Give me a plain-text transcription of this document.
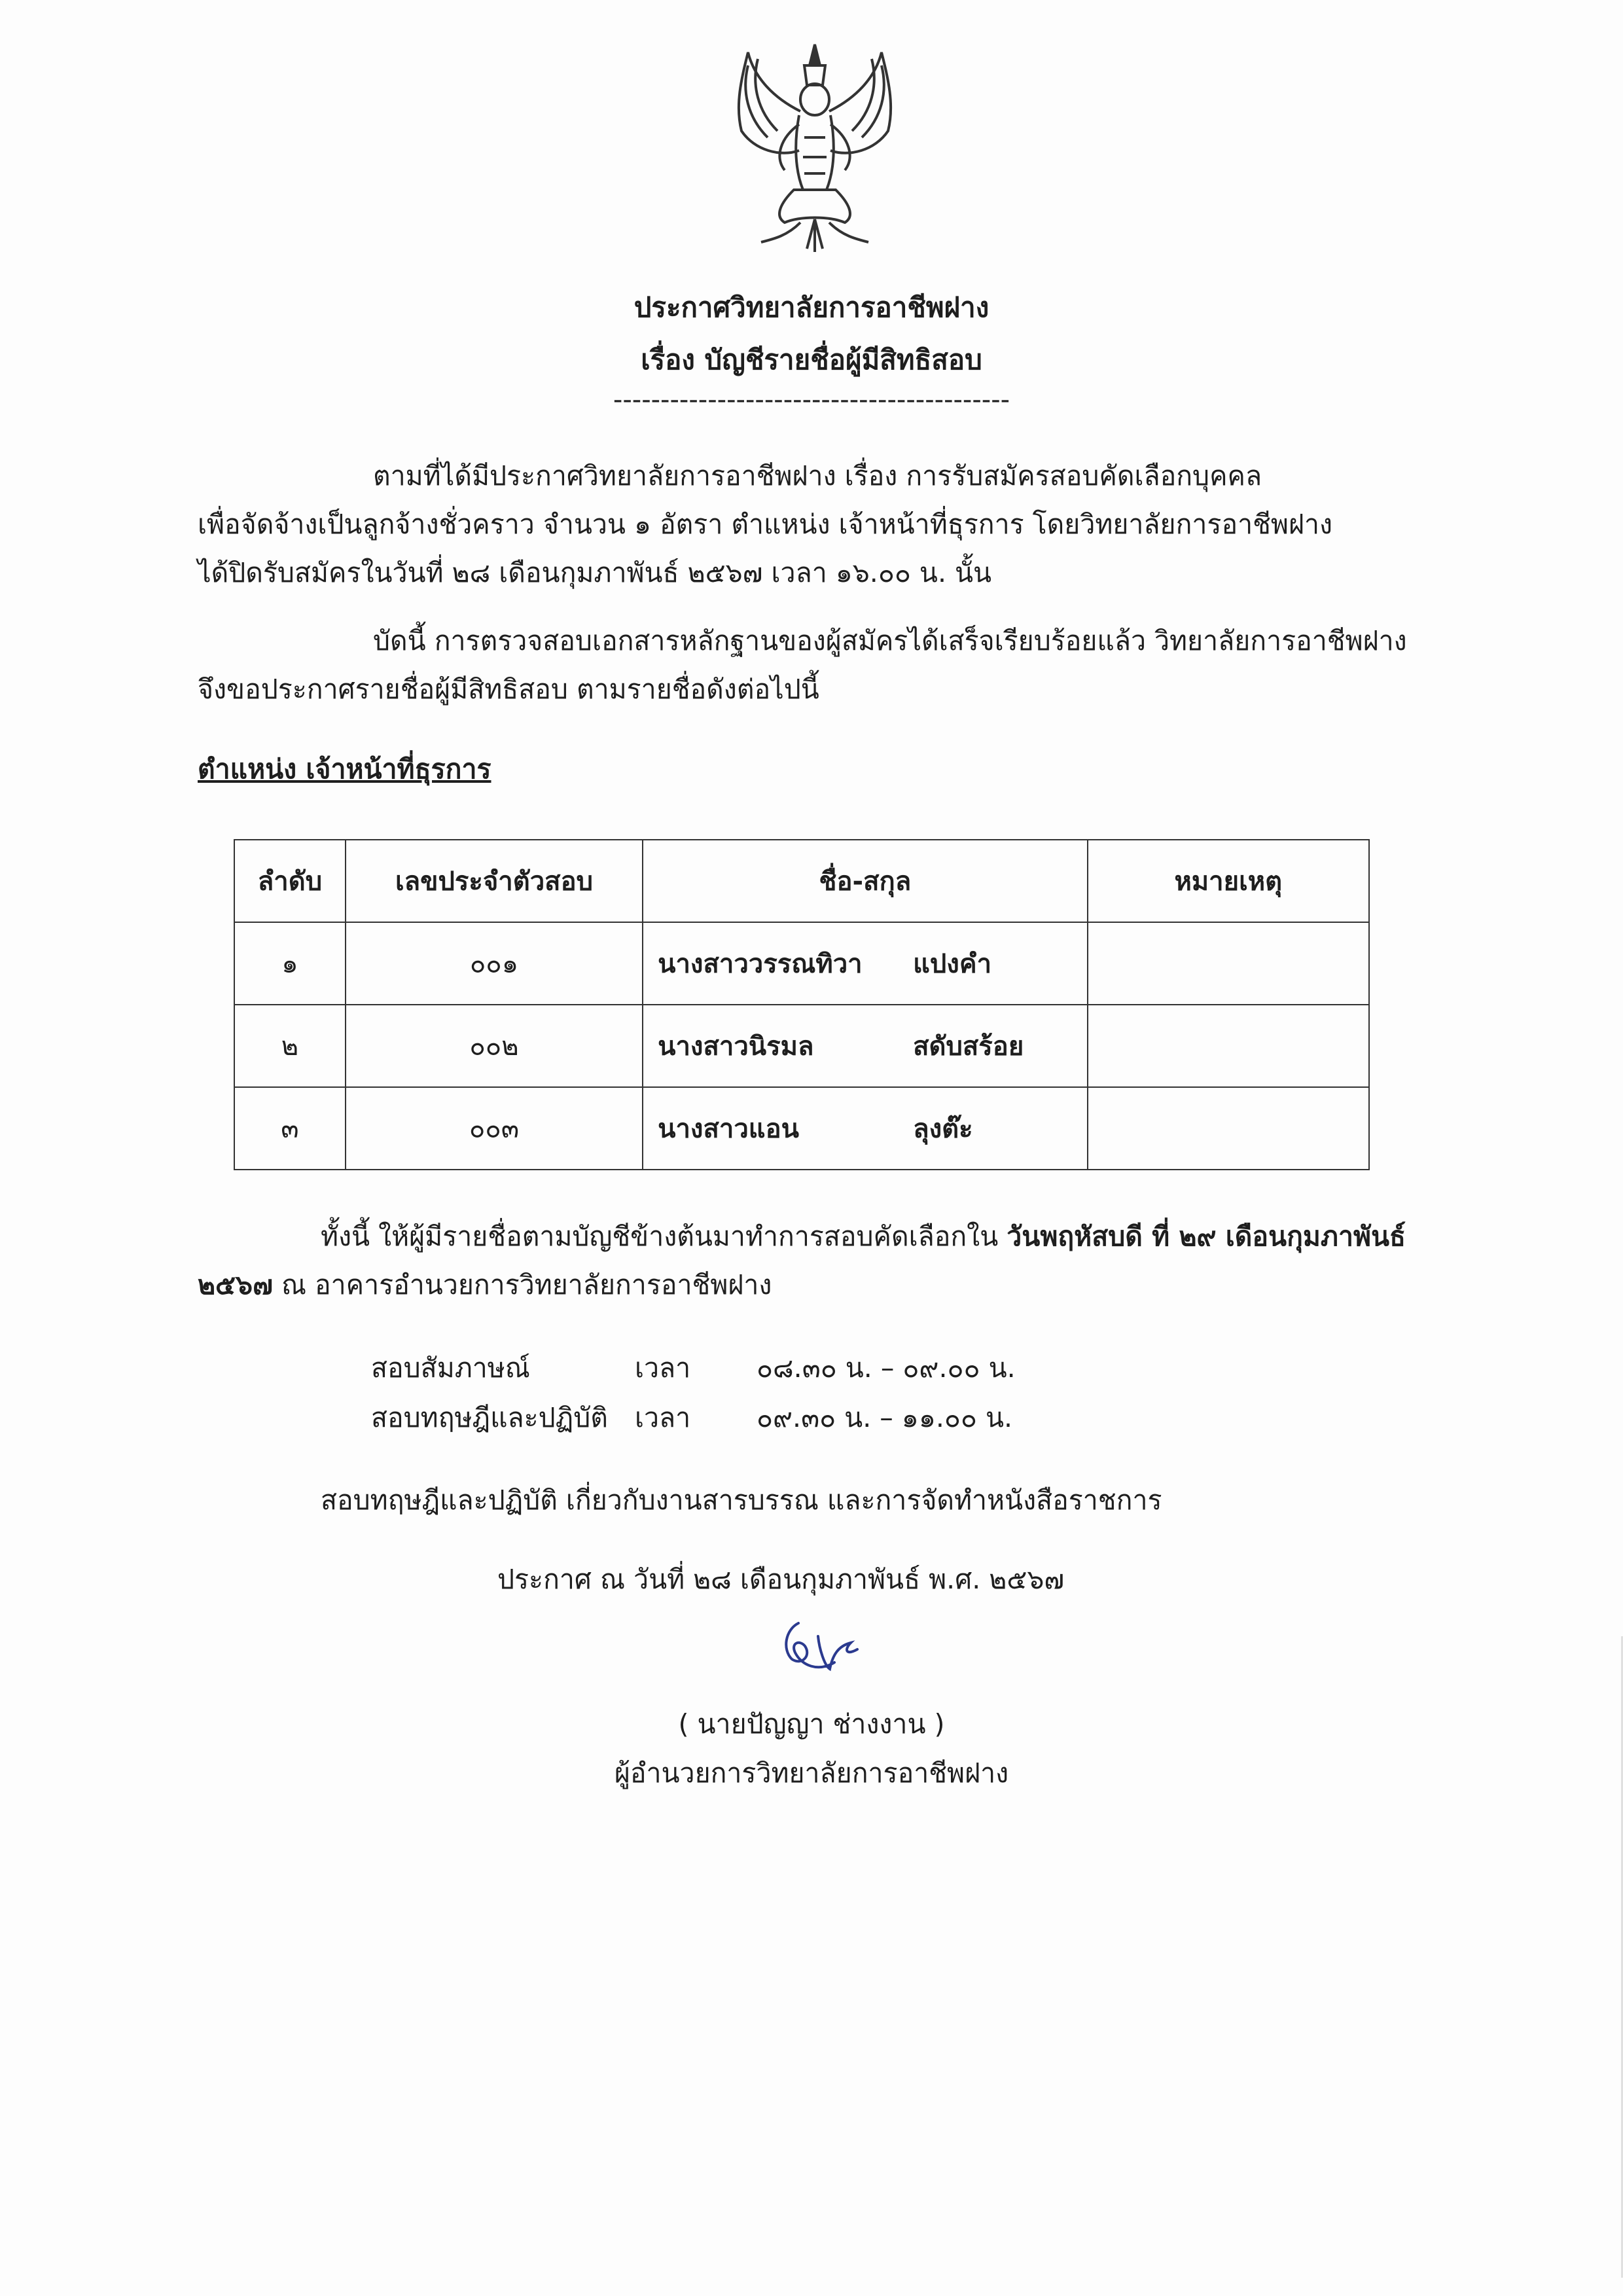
ประกาศวิทยาลัยการอาชีพฝาง
เรื่อง บัญชีรายชื่อผู้มีสิทธิสอบ
------------------------------------------
ตามที่ได้มีประกาศวิทยาลัยการอาชีพฝาง เรื่อง การรับสมัครสอบคัดเลือกบุคคล
เพื่อจัดจ้างเป็นลูกจ้างชั่วคราว จำนวน ๑ อัตรา ตำแหน่ง เจ้าหน้าที่ธุรการ โดยวิทยาลัยการอาชีพฝาง
ได้ปิดรับสมัครในวันที่ ๒๘ เดือนกุมภาพันธ์ ๒๕๖๗ เวลา ๑๖.๐๐ น. นั้น
บัดนี้ การตรวจสอบเอกสารหลักฐานของผู้สมัครได้เสร็จเรียบร้อยแล้ว วิทยาลัยการอาชีพฝาง
จึงขอประกาศรายชื่อผู้มีสิทธิสอบ ตามรายชื่อดังต่อไปนี้
ตำแหน่ง เจ้าหน้าที่ธุรการ
ลำดับ	เลขประจำตัวสอบ	ชื่อ-สกุล	หมายเหตุ
๑	๐๐๑	นางสาววรรณทิวา แปงคำ	
๒	๐๐๒	นางสาวนิรมล สดับสร้อย	
๓	๐๐๓	นางสาวแอน ลุงต๊ะ	
ทั้งนี้ ให้ผู้มีรายชื่อตามบัญชีข้างต้นมาทำการสอบคัดเลือกใน วันพฤหัสบดี ที่ ๒๙ เดือนกุมภาพันธ์
๒๕๖๗ ณ อาคารอำนวยการวิทยาลัยการอาชีพฝาง
สอบสัมภาษณ์	เวลา ๐๘.๓๐ น. – ๐๙.๐๐ น.
สอบทฤษฎีและปฏิบัติ เวลา ๐๙.๓๐ น. – ๑๑.๐๐ น.
สอบทฤษฎีและปฏิบัติ เกี่ยวกับงานสารบรรณ และการจัดทำหนังสือราชการ
ประกาศ ณ วันที่ ๒๘ เดือนกุมภาพันธ์ พ.ศ. ๒๕๖๗
( นายปัญญา ช่างงาน )
ผู้อำนวยการวิทยาลัยการอาชีพฝาง
